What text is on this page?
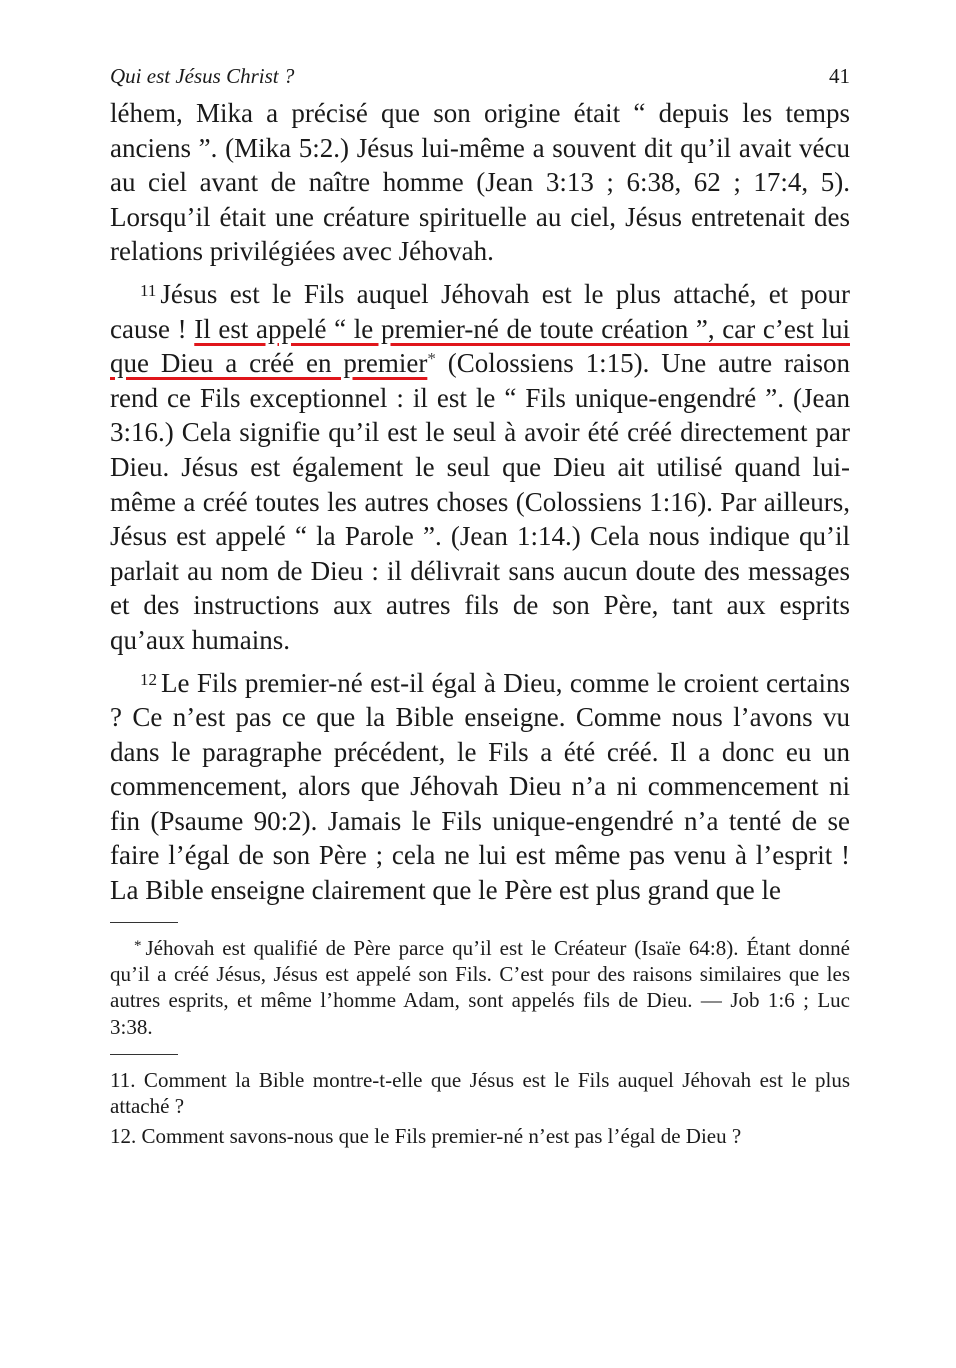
Qui est Jésus Christ ?	41

léhem, Mika a précisé que son origine était “ depuis les temps anciens ”. (Mika 5:2.) Jésus lui-même a souvent dit qu’il avait vécu au ciel avant de naître homme (Jean 3:13 ; 6:38, 62 ; 17:4, 5). Lorsqu’il était une créature spirituelle au ciel, Jésus entretenait des relations privilégiées avec Jéhovah.

$^{11}$ Jésus est le Fils auquel Jéhovah est le plus attaché, et pour cause ! Il est appelé “ le premier-né de toute création ”, car c’est lui que Dieu a créé en premier* (Colossiens 1:15). Une autre raison rend ce Fils exceptionnel : il est le “ Fils unique-engendré ”. (Jean 3:16.) Cela signifie qu’il est le seul à avoir été créé directement par Dieu. Jésus est également le seul que Dieu ait utilisé quand lui-même a créé toutes les autres choses (Colossiens 1:16). Par ailleurs, Jésus est appelé “ la Parole ”. (Jean 1:14.) Cela nous indique qu’il parlait au nom de Dieu : il délivrait sans aucun doute des messages et des instructions aux autres fils de son Père, tant aux esprits qu’aux humains.

$^{12}$ Le Fils premier-né est-il égal à Dieu, comme le croient certains ? Ce n’est pas ce que la Bible enseigne. Comme nous l’avons vu dans le paragraphe précédent, le Fils a été créé. Il a donc eu un commencement, alors que Jéhovah Dieu n’a ni commencement ni fin (Psaume 90:2). Jamais le Fils unique-engendré n’a tenté de se faire l’égal de son Père ; cela ne lui est même pas venu à l’esprit ! La Bible enseigne clairement que le Père est plus grand que le

* Jéhovah est qualifié de Père parce qu’il est le Créateur (Isaïe 64:8). Étant donné qu’il a créé Jésus, Jésus est appelé son Fils. C’est pour des raisons similaires que les autres esprits, et même l’homme Adam, sont appelés fils de Dieu. — Job 1:6 ; Luc 3:38.

11. Comment la Bible montre-t-elle que Jésus est le Fils auquel Jéhovah est le plus attaché ?

12. Comment savons-nous que le Fils premier-né n’est pas l’égal de Dieu ?
